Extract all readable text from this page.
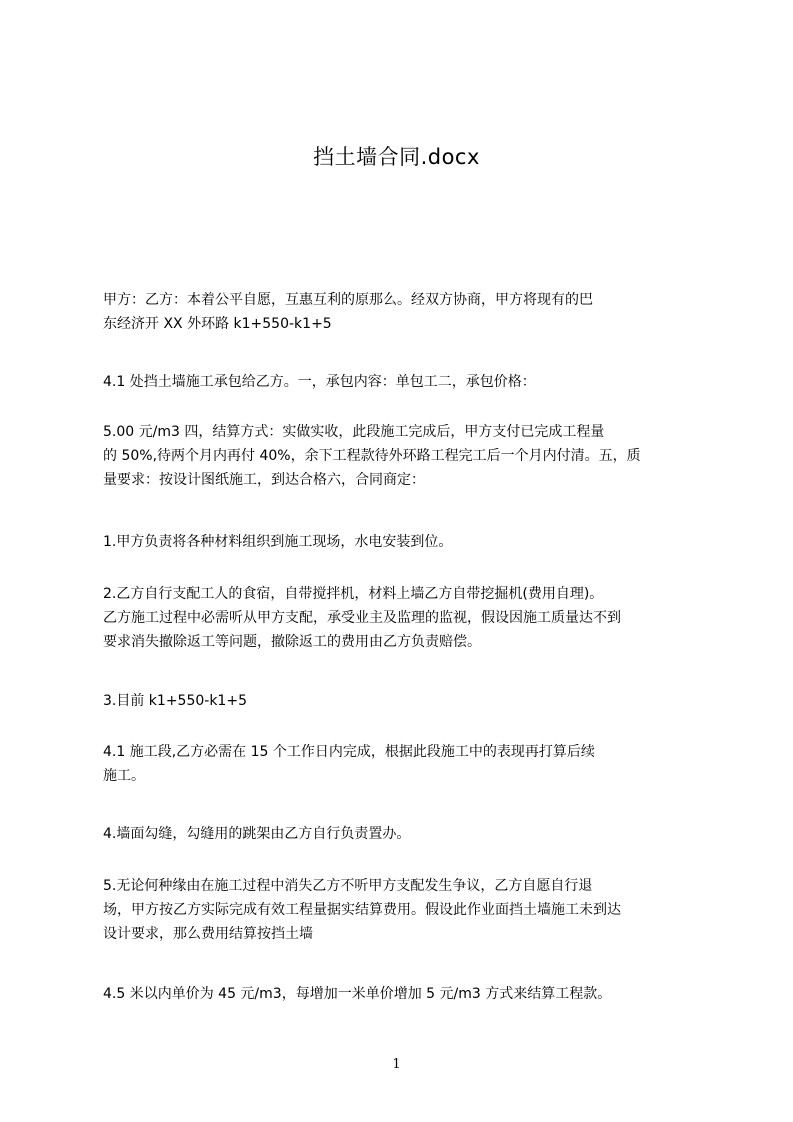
挡土墙合同.docx
甲方：乙方：本着公平自愿，互惠互利的原那么。经双方协商，甲方将现有的巴
东经济开 XX 外环路 k1+550-k1+5
4.1 处挡土墙施工承包给乙方。一，承包内容：单包工二，承包价格：
5.00 元/m3 四，结算方式：实做实收，此段施工完成后，甲方支付已完成工程量
的 50%,待两个月内再付 40%，余下工程款待外环路工程完工后一个月内付清。五，质
量要求：按设计图纸施工，到达合格六，合同商定：
1.甲方负责将各种材料组织到施工现场，水电安装到位。
2.乙方自行支配工人的食宿，自带搅拌机，材料上墙乙方自带挖掘机(费用自理)。
乙方施工过程中必需听从甲方支配，承受业主及监理的监视，假设因施工质量达不到
要求消失撤除返工等问题，撤除返工的费用由乙方负责赔偿。
3.目前 k1+550-k1+5
4.1 施工段,乙方必需在 15 个工作日内完成，根据此段施工中的表现再打算后续
施工。
4.墙面勾缝，勾缝用的跳架由乙方自行负责置办。
5.无论何种缘由在施工过程中消失乙方不听甲方支配发生争议，乙方自愿自行退
场，甲方按乙方实际完成有效工程量据实结算费用。假设此作业面挡土墙施工未到达
设计要求，那么费用结算按挡土墙
4.5 米以内单价为 45 元/m3，每增加一米单价增加 5 元/m3 方式来结算工程款。
1
